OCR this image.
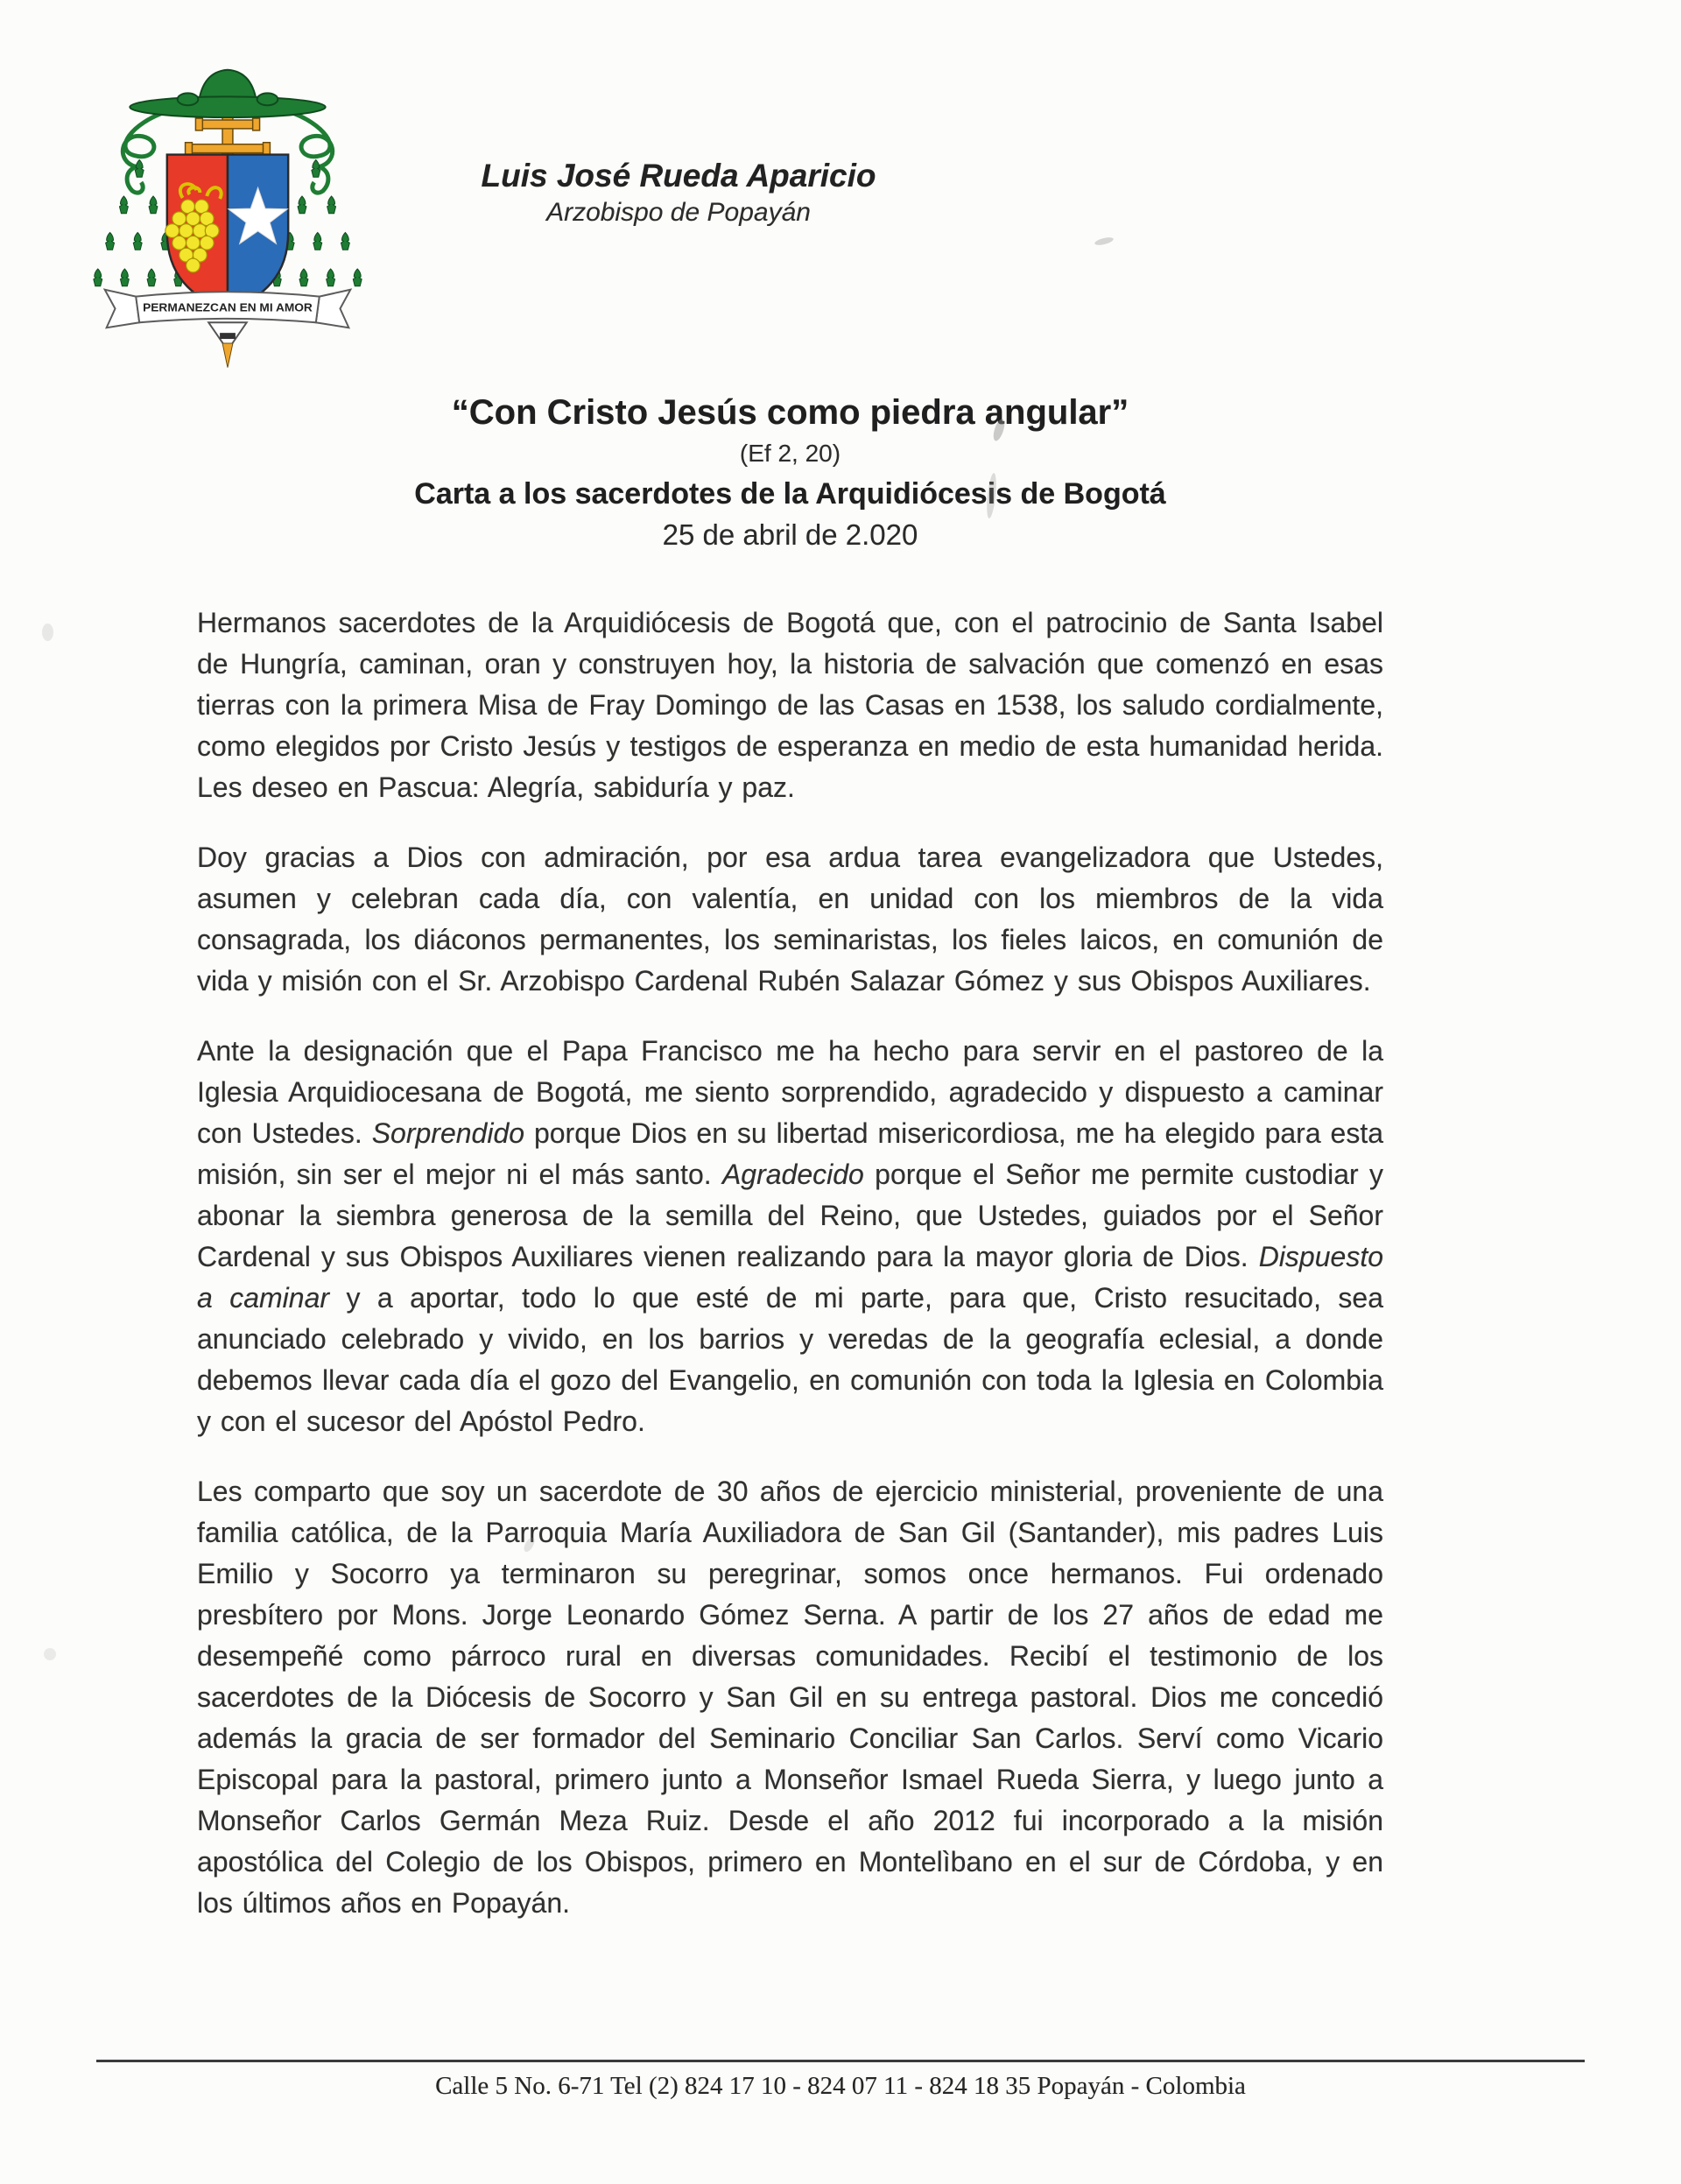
PERMANEZCAN EN MI AMOR
Luis José Rueda Aparicio
Arzobispo de Popayán
“Con Cristo Jesús como piedra angular”
(Ef 2, 20)
Carta a los sacerdotes de la Arquidiócesis de Bogotá
25 de abril de 2.020

Hermanos sacerdotes de la Arquidiócesis de Bogotá que, con el patrocinio de Santa Isabel de Hungría, caminan, oran y construyen hoy, la historia de salvación que comenzó en esas tierras con la primera Misa de Fray Domingo de las Casas en 1538, los saludo cordialmente, como elegidos por Cristo Jesús y testigos de esperanza en medio de esta humanidad herida. Les deseo en Pascua: Alegría, sabiduría y paz.

Doy gracias a Dios con admiración, por esa ardua tarea evangelizadora que Ustedes, asumen y celebran cada día, con valentía, en unidad con los miembros de la vida consagrada, los diáconos permanentes, los seminaristas, los fieles laicos, en comunión de vida y misión con el Sr. Arzobispo Cardenal Rubén Salazar Gómez y sus Obispos Auxiliares.

Ante la designación que el Papa Francisco me ha hecho para servir en el pastoreo de la Iglesia Arquidiocesana de Bogotá, me siento sorprendido, agradecido y dispuesto a caminar con Ustedes. Sorprendido porque Dios en su libertad misericordiosa, me ha elegido para esta misión, sin ser el mejor ni el más santo. Agradecido porque el Señor me permite custodiar y abonar la siembra generosa de la semilla del Reino, que Ustedes, guiados por el Señor Cardenal y sus Obispos Auxiliares vienen realizando para la mayor gloria de Dios. Dispuesto a caminar y a aportar, todo lo que esté de mi parte, para que, Cristo resucitado, sea anunciado celebrado y vivido, en los barrios y veredas de la geografía eclesial, a donde debemos llevar cada día el gozo del Evangelio, en comunión con toda la Iglesia en Colombia y con el sucesor del Apóstol Pedro.

Les comparto que soy un sacerdote de 30 años de ejercicio ministerial, proveniente de una familia católica, de la Parroquia María Auxiliadora de San Gil (Santander), mis padres Luis Emilio y Socorro ya terminaron su peregrinar, somos once hermanos. Fui ordenado presbítero por Mons. Jorge Leonardo Gómez Serna. A partir de los 27 años de edad me desempeñé como párroco rural en diversas comunidades. Recibí el testimonio de los sacerdotes de la Diócesis de Socorro y San Gil en su entrega pastoral. Dios me concedió además la gracia de ser formador del Seminario Conciliar San Carlos. Serví como Vicario Episcopal para la pastoral, primero junto a Monseñor Ismael Rueda Sierra, y luego junto a Monseñor Carlos Germán Meza Ruiz. Desde el año 2012 fui incorporado a la misión apostólica del Colegio de los Obispos, primero en Montelìbano en el sur de Córdoba, y en los últimos años en Popayán.

Calle 5 No. 6-71 Tel (2) 824 17 10 - 824 07 11 - 824 18 35 Popayán - Colombia
